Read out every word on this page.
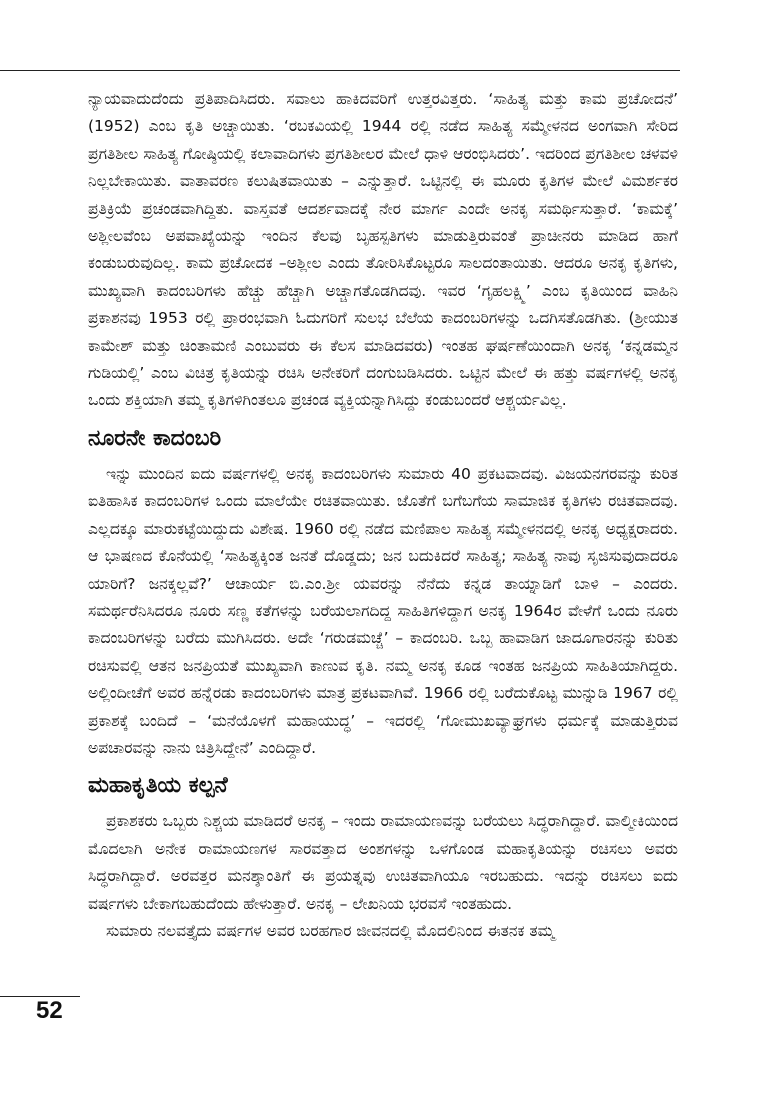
ನ್ಯಾಯವಾದುದೆಂದು ಪ್ರತಿಪಾದಿಸಿದರು. ಸವಾಲು ಹಾಕಿದವರಿಗೆ ಉತ್ತರವಿತ್ತರು. ‘ಸಾಹಿತ್ಯ ಮತ್ತು ಕಾಮ ಪ್ರಚೋದನೆ’ (1952) ಎಂಬ ಕೃತಿ ಅಚ್ಚಾಯಿತು. ‘ರಬಕವಿಯಲ್ಲಿ 1944 ರಲ್ಲಿ ನಡೆದ ಸಾಹಿತ್ಯ ಸಮ್ಮೇಳನದ ಅಂಗವಾಗಿ ಸೇರಿದ ಪ್ರಗತಿಶೀಲ ಸಾಹಿತ್ಯ ಗೋಷ್ಠಿಯಲ್ಲಿ ಕಲಾವಾದಿಗಳು ಪ್ರಗತಿಶೀಲರ ಮೇಲೆ ಧಾಳಿ ಆರಂಭಿಸಿದರು’. ಇದರಿಂದ ಪ್ರಗತಿಶೀಲ ಚಳವಳಿ ನಿಲ್ಲಬೇಕಾಯಿತು. ವಾತಾವರಣ ಕಲುಷಿತವಾಯಿತು – ಎನ್ನುತ್ತಾರೆ. ಒಟ್ಟಿನಲ್ಲಿ ಈ ಮೂರು ಕೃತಿಗಳ ಮೇಲೆ ವಿಮರ್ಶಕರ ಪ್ರತಿಕ್ರಿಯೆ ಪ್ರಚಂಡವಾಗಿದ್ದಿತು. ವಾಸ್ತವತೆ ಆದರ್ಶವಾದಕ್ಕೆ ನೇರ ಮಾರ್ಗ ಎಂದೇ ಅನಕೃ ಸಮರ್ಥಿಸುತ್ತಾರೆ. ‘ಕಾಮಕ್ಕೆ’ ಅಶ್ಲೀಲವೆಂಬ ಅಪವಾಖ್ಯೆಯನ್ನು ಇಂದಿನ ಕೆಲವು ಬೃಹಸ್ಪತಿಗಳು ಮಾಡುತ್ತಿರುವಂತೆ ಪ್ರಾಚೀನರು ಮಾಡಿದ ಹಾಗೆ ಕಂಡುಬರುವುದಿಲ್ಲ. ಕಾಮ ಪ್ರಚೋದಕ –ಅಶ್ಲೀಲ ಎಂದು ತೋರಿಸಿಕೊಟ್ಟರೂ ಸಾಲದಂತಾಯಿತು. ಆದರೂ ಅನಕೃ ಕೃತಿಗಳು, ಮುಖ್ಯವಾಗಿ ಕಾದಂಬರಿಗಳು ಹೆಚ್ಚು ಹೆಚ್ಚಾಗಿ ಅಚ್ಚಾಗತೊಡಗಿದವು. ಇವರ ‘ಗೃಹಲಕ್ಷ್ಮಿ’ ಎಂಬ ಕೃತಿಯಿಂದ ವಾಹಿನಿ ಪ್ರಕಾಶನವು 1953 ರಲ್ಲಿ ಪ್ರಾರಂಭವಾಗಿ ಓದುಗರಿಗೆ ಸುಲಭ ಬೆಲೆಯ ಕಾದಂಬರಿಗಳನ್ನು ಒದಗಿಸತೊಡಗಿತು. (ಶ್ರೀಯುತ ಕಾಮೇಶ್ ಮತ್ತು ಚಿಂತಾಮಣಿ ಎಂಬುವರು ಈ ಕೆಲಸ ಮಾಡಿದವರು) ಇಂತಹ ಘರ್ಷಣೆಯಿಂದಾಗಿ ಅನಕೃ ‘ಕನ್ನಡಮ್ಮನ ಗುಡಿಯಲ್ಲಿ’ ಎಂಬ ವಿಚಿತ್ರ ಕೃತಿಯನ್ನು ರಚಿಸಿ ಅನೇಕರಿಗೆ ದಂಗುಬಡಿಸಿದರು. ಒಟ್ಟಿನ ಮೇಲೆ ಈ ಹತ್ತು ವರ್ಷಗಳಲ್ಲಿ ಅನಕೃ ಒಂದು ಶಕ್ತಿಯಾಗಿ ತಮ್ಮ ಕೃತಿಗಳಿಗಿಂತಲೂ ಪ್ರಚಂಡ ವ್ಯಕ್ತಿಯನ್ನಾಗಿಸಿದ್ದು ಕಂಡುಬಂದರೆ ಆಶ್ಚರ್ಯವಿಲ್ಲ.

ನೂರನೇ ಕಾದಂಬರಿ

ಇನ್ನು ಮುಂದಿನ ಐದು ವರ್ಷಗಳಲ್ಲಿ ಅನಕೃ ಕಾದಂಬರಿಗಳು ಸುಮಾರು 40 ಪ್ರಕಟವಾದವು. ವಿಜಯನಗರವನ್ನು ಕುರಿತ ಐತಿಹಾಸಿಕ ಕಾದಂಬರಿಗಳ ಒಂದು ಮಾಲೆಯೇ ರಚಿತವಾಯಿತು. ಜೊತೆಗೆ ಬಗೆಬಗೆಯ ಸಾಮಾಜಿಕ ಕೃತಿಗಳು ರಚಿತವಾದವು. ಎಲ್ಲದಕ್ಕೂ ಮಾರುಕಟ್ಟೆಯಿದ್ದುದು ವಿಶೇಷ. 1960 ರಲ್ಲಿ ನಡೆದ ಮಣಿಪಾಲ ಸಾಹಿತ್ಯ ಸಮ್ಮೇಳನದಲ್ಲಿ ಅನಕೃ ಅಧ್ಯಕ್ಷರಾದರು. ಆ ಭಾಷಣದ ಕೊನೆಯಲ್ಲಿ ‘ಸಾಹಿತ್ಯಕ್ಕಿಂತ ಜನತೆ ದೊಡ್ಡದು; ಜನ ಬದುಕಿದರೆ ಸಾಹಿತ್ಯ; ಸಾಹಿತ್ಯ ನಾವು ಸೃಜಿಸುವುದಾದರೂ ಯಾರಿಗೆ? ಜನಕ್ಕಲ್ಲವೆ?’ ಆಚಾರ್ಯ ಬಿ.ಎಂ.ಶ್ರೀ ಯವರನ್ನು ನೆನೆದು ಕನ್ನಡ ತಾಯ್ನಾಡಿಗೆ ಬಾಳಿ – ಎಂದರು. ಸಮರ್ಥರೆನಿಸಿದರೂ ನೂರು ಸಣ್ಣ ಕತೆಗಳನ್ನು ಬರೆಯಲಾಗದಿದ್ದ ಸಾಹಿತಿಗಳಿದ್ದಾಗ ಅನಕೃ 1964ರ ವೇಳೆಗೆ ಒಂದು ನೂರು ಕಾದಂಬರಿಗಳನ್ನು ಬರೆದು ಮುಗಿಸಿದರು. ಅದೇ ‘ಗರುಡಮಚ್ಚೆ’ – ಕಾದಂಬರಿ. ಒಬ್ಬ ಹಾವಾಡಿಗ ಜಾದೂಗಾರನನ್ನು ಕುರಿತು ರಚಿಸುವಲ್ಲಿ ಆತನ ಜನಪ್ರಿಯತೆ ಮುಖ್ಯವಾಗಿ ಕಾಣುವ ಕೃತಿ. ನಮ್ಮ ಅನಕೃ ಕೂಡ ಇಂತಹ ಜನಪ್ರಿಯ ಸಾಹಿತಿಯಾಗಿದ್ದರು. ಅಲ್ಲಿಂದೀಚೆಗೆ ಅವರ ಹನ್ನೆರಡು ಕಾದಂಬರಿಗಳು ಮಾತ್ರ ಪ್ರಕಟವಾಗಿವೆ. 1966 ರಲ್ಲಿ ಬರೆದುಕೊಟ್ಟ ಮುನ್ನುಡಿ 1967 ರಲ್ಲಿ ಪ್ರಕಾಶಕ್ಕೆ ಬಂದಿದೆ – ‘ಮನೆಯೊಳಗೆ ಮಹಾಯುದ್ಧ’ – ಇದರಲ್ಲಿ ‘ಗೋಮುಖವ್ಯಾಘ್ರಗಳು ಧರ್ಮಕ್ಕೆ ಮಾಡುತ್ತಿರುವ ಅಪಚಾರವನ್ನು ನಾನು ಚಿತ್ರಿಸಿದ್ದೇನೆ’ ಎಂದಿದ್ದಾರೆ.

ಮಹಾಕೃತಿಯ ಕಲ್ಪನೆ

ಪ್ರಕಾಶಕರು ಒಬ್ಬರು ನಿಶ್ಚಯ ಮಾಡಿದರೆ ಅನಕೃ – ಇಂದು ರಾಮಾಯಣವನ್ನು ಬರೆಯಲು ಸಿದ್ಧರಾಗಿದ್ದಾರೆ. ವಾಲ್ಮೀಕಿಯಿಂದ ಮೊದಲಾಗಿ ಅನೇಕ ರಾಮಾಯಣಗಳ ಸಾರವತ್ತಾದ ಅಂಶಗಳನ್ನು ಒಳಗೊಂಡ ಮಹಾಕೃತಿಯನ್ನು ರಚಿಸಲು ಅವರು ಸಿದ್ಧರಾಗಿದ್ದಾರೆ. ಅರವತ್ತರ ಮನಶ್ಶಾಂತಿಗೆ ಈ ಪ್ರಯತ್ನವು ಉಚಿತವಾಗಿಯೂ ಇರಬಹುದು. ಇದನ್ನು ರಚಿಸಲು ಐದು ವರ್ಷಗಳು ಬೇಕಾಗಬಹುದೆಂದು ಹೇಳುತ್ತಾರೆ. ಅನಕೃ – ಲೇಖನಿಯ ಭರವಸೆ ಇಂತಹುದು.

ಸುಮಾರು ನಲವತ್ತೈದು ವರ್ಷಗಳ ಅವರ ಬರಹಗಾರ ಜೀವನದಲ್ಲಿ ಮೊದಲಿನಿಂದ ಈತನಕ ತಮ್ಮ

52
